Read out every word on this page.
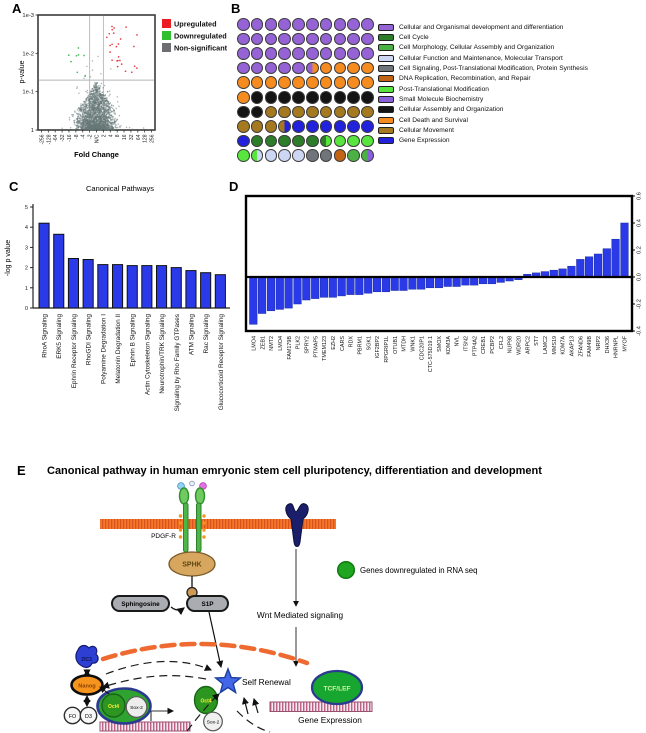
A	B
C	D
E
p-value
Fold Change
1e-3
1e-2
1e-1
1
-256 -128 -64 -32 -16 -8 -4 -2 N/C 2 4 8 16 32 64 128 256
Upregulated
Downregulated
Non-significant
Cellular and Organismal development and differentiation
Cell Cycle
Cell Morphology, Cellular Assembly and Organization
Cellular Function and Maintenance, Molecular Transport
Cell Signaling, Post-Translational Modification, Protein Synthesis
DNA Replication, Recombination, and Repair
Post-Translational Modification
Small Molecule Biochemistry
Cellular Assembly and Organization
Cell Death and Survival
Cellular Movement
Gene Expression
Canonical Pathways
-log p value
0
1
2
3
4
5
RhoA Signaling ERK5 Signaling Ephrin Receptor Signaling RhoGDI Signaling Polyamine Degradation I Melatonin Degradation II Ephrin B Signaling Actin Cytoskeleton Signaling Neurotrophin/TRK Signaling Signaling by Rho Family GTPases ATM Signaling Rac Signaling Glucocorticoid Receptor Signaling
0.6
0.4
0.2
0.0
-0.2
-0.4
LMO4 ZEB1 NMT2 LMO4 FAM179B PLK2 SPRY2 PTMAP5 TMEM123 EZH2 CARS RDX PBRM1 SGK1 IGF2BP2 RPGRIP1L OTUB1 MTDH WNK1 CDC20P1 CTC-575D19.1 SMOX KDM3A NVL ITSN2 PTP4A2 CREB1 PCBP2 CFL2 NUP98 WDR20 ARPC2 ST7 LAMC2 MMS19 KDM7A AKAP13 ZFAND6 FAM49B NRP2 DHX36 HNRNPL MYOF
Canonical pathway in human emryonic stem cell pluripotency, differentiation and development
PDGF-R
SPHK
Sphingosine	S1P
Wnt Mediated signaling
Genes downregulated in RNA seq
ZIC3
Nanog
FO D3
Oct4 Sox-2
Oct4
Sox-2
Self Renewal
TCF/LEF
Gene Expression
